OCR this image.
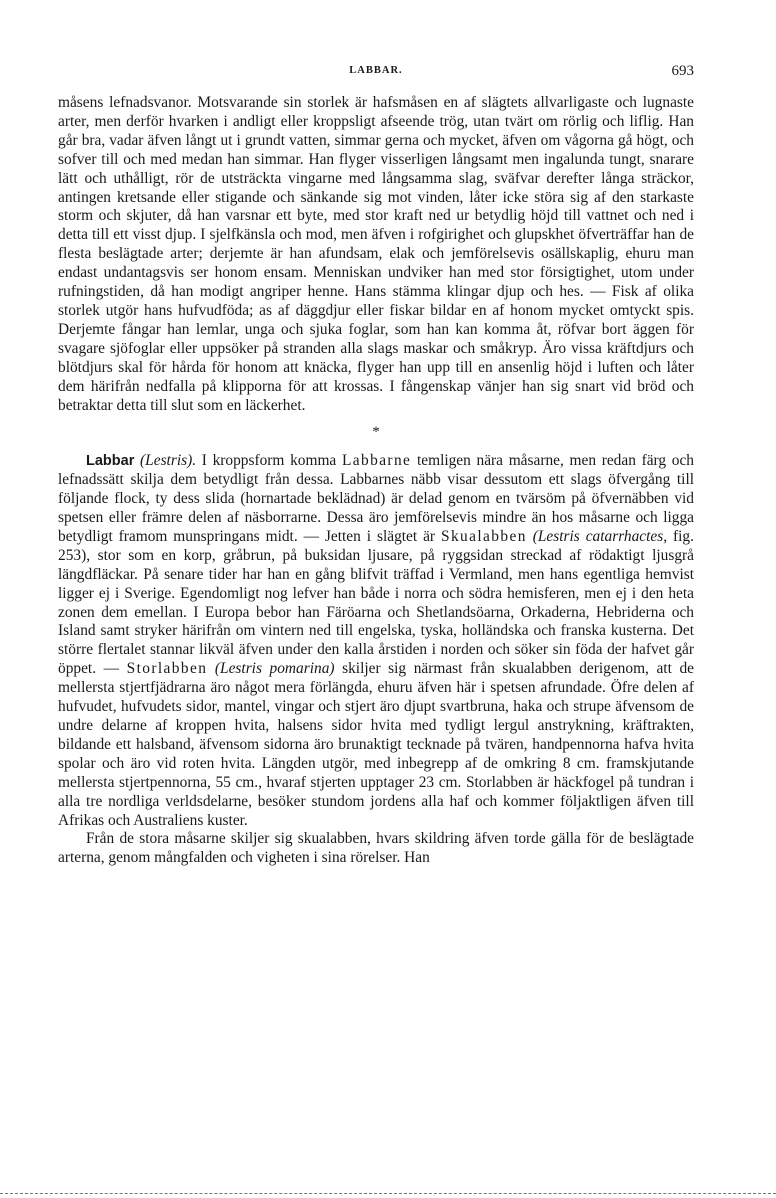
LABBAR.	693

måsens lefnadsvanor. Motsvarande sin storlek är hafsmåsen en af slägtets allvarligaste och lugnaste arter, men derför hvarken i andligt eller kroppsligt afseende trög, utan tvärt om rörlig och liflig. Han går bra, vadar äfven långt ut i grundt vatten, simmar gerna och mycket, äfven om vågorna gå högt, och sofver till och med medan han simmar. Han flyger visserligen långsamt men ingalunda tungt, snarare lätt och uthålligt, rör de utsträckta vingarne med långsamma slag, sväfvar derefter långa sträckor, antingen kretsande eller stigande och sänkande sig mot vinden, låter icke störa sig af den starkaste storm och skjuter, då han varsnar ett byte, med stor kraft ned ur betydlig höjd till vattnet och ned i detta till ett visst djup. I sjelfkänsla och mod, men äfven i rofgirighet och glupskhet öfverträffar han de flesta beslägtade arter; derjemte är han afundsam, elak och jemförelsevis osällskaplig, ehuru man endast undantagsvis ser honom ensam. Menniskan undviker han med stor försigtighet, utom under rufningstiden, då han modigt angriper henne. Hans stämma klingar djup och hes. — Fisk af olika storlek utgör hans hufvudföda; as af däggdjur eller fiskar bildar en af honom mycket omtyckt spis. Derjemte fångar han lemlar, unga och sjuka foglar, som han kan komma åt, röfvar bort äggen för svagare sjöfoglar eller uppsöker på stranden alla slags maskar och småkryp. Äro vissa kräftdjurs och blötdjurs skal för hårda för honom att knäcka, flyger han upp till en ansenlig höjd i luften och låter dem härifrån nedfalla på klipporna för att krossas. I fångenskap vänjer han sig snart vid bröd och betraktar detta till slut som en läckerhet.

*

Labbar (Lestris). I kroppsform komma Labbarne temligen nära måsarne, men redan färg och lefnadssätt skilja dem betydligt från dessa. Labbarnes näbb visar dessutom ett slags öfvergång till följande flock, ty dess slida (hornartade beklädnad) är delad genom en tvärsöm på öfvernäbben vid spetsen eller främre delen af näsborrarne. Dessa äro jemförelsevis mindre än hos måsarne och ligga betydligt framom munspringans midt. — Jetten i slägtet är Skualabben (Lestris catarrhactes, fig. 253), stor som en korp, gråbrun, på buksidan ljusare, på ryggsidan streckad af rödaktigt ljusgrå längdfläckar. På senare tider har han en gång blifvit träffad i Vermland, men hans egentliga hemvist ligger ej i Sverige. Egendomligt nog lefver han både i norra och södra hemisferen, men ej i den heta zonen dem emellan. I Europa bebor han Färöarna och Shetlandsöarna, Orkaderna, Hebriderna och Island samt stryker härifrån om vintern ned till engelska, tyska, holländska och franska kusterna. Det större flertalet stannar likväl äfven under den kalla årstiden i norden och söker sin föda der hafvet går öppet. — Storlabben (Lestris pomarina) skiljer sig närmast från skualabben derigenom, att de mellersta stjertfjädrarna äro något mera förlängda, ehuru äfven här i spetsen afrundade. Öfre delen af hufvudet, hufvudets sidor, mantel, vingar och stjert äro djupt svartbruna, haka och strupe äfvensom de undre delarne af kroppen hvita, halsens sidor hvita med tydligt lergul anstrykning, kräftrakten, bildande ett halsband, äfvensom sidorna äro brunaktigt tecknade på tvären, handpennorna hafva hvita spolar och äro vid roten hvita. Längden utgör, med inbegrepp af de omkring 8 cm. framskjutande mellersta stjertpennorna, 55 cm., hvaraf stjerten upptager 23 cm. Storlabben är häckfogel på tundran i alla tre nordliga verldsdelarne, besöker stundom jordens alla haf och kommer följaktligen äfven till Afrikas och Australiens kuster.

Från de stora måsarne skiljer sig skualabben, hvars skildring äfven torde gälla för de beslägtade arterna, genom mångfalden och vigheten i sina rörelser. Han
